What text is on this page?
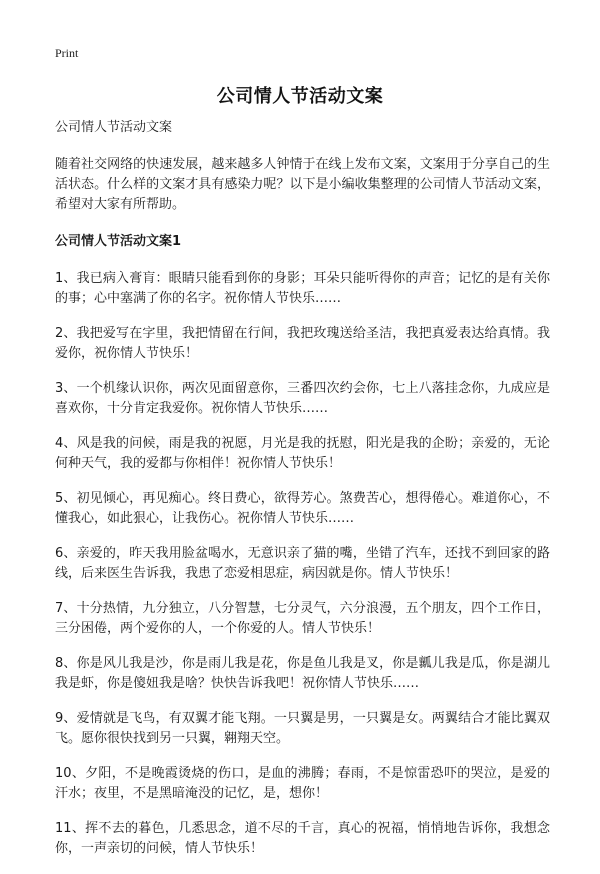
Print
公司情人节活动文案

公司情人节活动文案

随着社交网络的快速发展，越来越多人钟情于在线上发布文案，文案用于分享自己的生活状态。什么样的文案才具有感染力呢？以下是小编收集整理的公司情人节活动文案，希望对大家有所帮助。

公司情人节活动文案1

1、我已病入膏肓：眼睛只能看到你的身影；耳朵只能听得你的声音；记忆的是有关你的事；心中塞满了你的名字。祝你情人节快乐……

2、我把爱写在字里，我把情留在行间，我把玫瑰送给圣洁，我把真爱表达给真情。我爱你，祝你情人节快乐！

3、一个机缘认识你，两次见面留意你，三番四次约会你，七上八落挂念你，九成应是喜欢你，十分肯定我爱你。祝你情人节快乐……

4、风是我的问候，雨是我的祝愿，月光是我的抚慰，阳光是我的企盼；亲爱的，无论何种天气，我的爱都与你相伴！祝你情人节快乐！

5、初见倾心，再见痴心。终日费心，欲得芳心。煞费苦心，想得倦心。难道你心，不懂我心，如此狠心，让我伤心。祝你情人节快乐……

6、亲爱的，昨天我用脸盆喝水，无意识亲了猫的嘴，坐错了汽车，还找不到回家的路线，后来医生告诉我，我患了恋爱相思症，病因就是你。情人节快乐！

7、十分热情，九分独立，八分智慧，七分灵气，六分浪漫，五个朋友，四个工作日，三分困倦，两个爱你的人，一个你爱的人。情人节快乐！

8、你是风儿我是沙，你是雨儿我是花，你是鱼儿我是叉，你是瓤儿我是瓜，你是湖儿我是虾，你是傻妞我是啥？快快告诉我吧！祝你情人节快乐……

9、爱情就是飞鸟，有双翼才能飞翔。一只翼是男，一只翼是女。两翼结合才能比翼双飞。愿你很快找到另一只翼，翱翔天空。

10、夕阳，不是晚霞烫烧的伤口，是血的沸腾；春雨，不是惊雷恐吓的哭泣，是爱的汗水；夜里，不是黑暗淹没的记忆，是，想你！

11、挥不去的暮色，几悉思念，道不尽的千言，真心的祝福，悄悄地告诉你，我想念你，一声亲切的问候，情人节快乐！
